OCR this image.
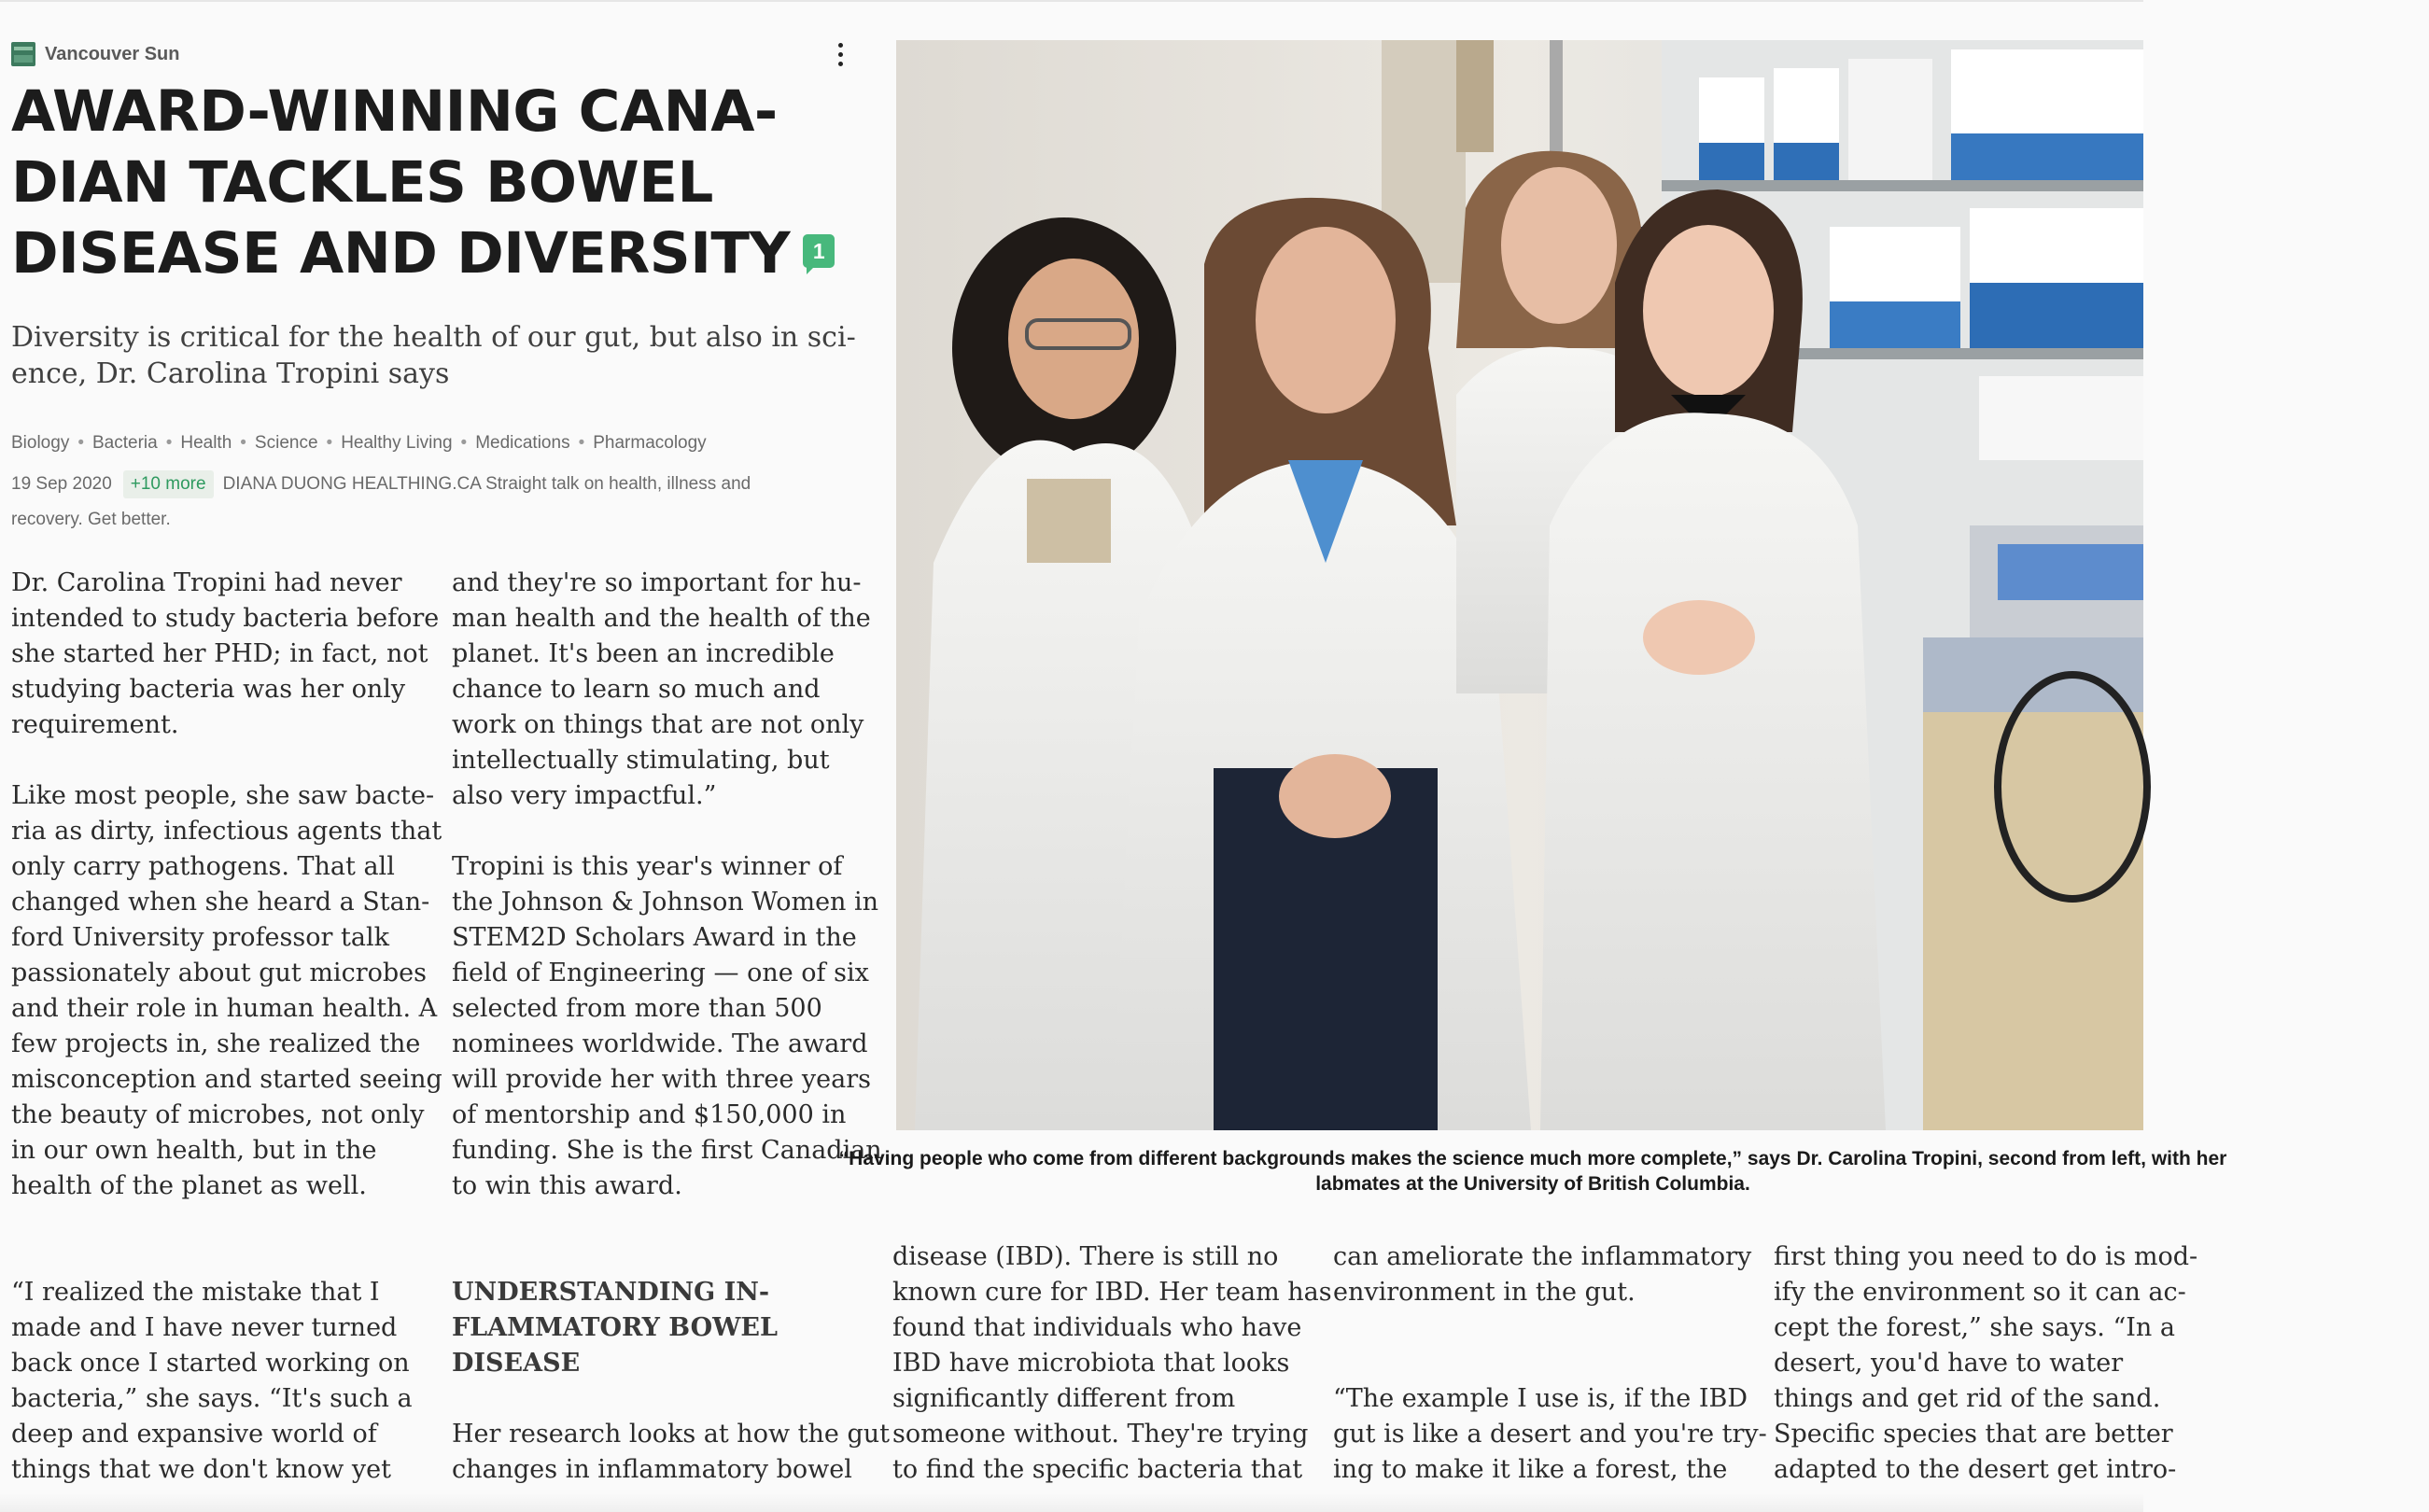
Vancouver Sun
AWARD-WINNING CANA-
DIAN TACKLES BOWEL
DISEASE AND DIVERSITY 1
Diversity is critical for the health of our gut, but also in sci-
ence, Dr. Carolina Tropini says
Biology • Bacteria • Health • Science • Healthy Living • Medications • Pharmacology
19 Sep 2020 +10 more DIANA DUONG HEALTHING.CA Straight talk on health, illness and
recovery. Get better.
Dr. Carolina Tropini had never
intended to study bacteria before
she started her PHD; in fact, not
studying bacteria was her only
requirement.
Like most people, she saw bacte-
ria as dirty, infectious agents that
only carry pathogens. That all
changed when she heard a Stan-
ford University professor talk
passionately about gut microbes
and their role in human health. A
few projects in, she realized the
misconception and started seeing
the beauty of microbes, not only
in our own health, but in the
health of the planet as well.
and they're so important for hu-
man health and the health of the
planet. It's been an incredible
chance to learn so much and
work on things that are not only
intellectually stimulating, but
also very impactful.”
Tropini is this year's winner of
the Johnson & Johnson Women in
STEM2D Scholars Award in the
field of Engineering — one of six
selected from more than 500
nominees worldwide. The award
will provide her with three years
of mentorship and $150,000 in
funding. She is the first Canadian
to win this award.
“Having people who come from different backgrounds makes the science much more complete,” says Dr. Carolina Tropini, second from left, with her
labmates at the University of British Columbia.
“I realized the mistake that I
made and I have never turned
back once I started working on
bacteria,” she says. “It's such a
deep and expansive world of
things that we don't know yet
UNDERSTANDING IN-
FLAMMATORY BOWEL
DISEASE
Her research looks at how the gut
changes in inflammatory bowel
disease (IBD). There is still no
known cure for IBD. Her team has
found that individuals who have
IBD have microbiota that looks
significantly different from
someone without. They're trying
to find the specific bacteria that
can ameliorate the inflammatory
environment in the gut.
“The example I use is, if the IBD
gut is like a desert and you're try-
ing to make it like a forest, the
first thing you need to do is mod-
ify the environment so it can ac-
cept the forest,” she says. “In a
desert, you'd have to water
things and get rid of the sand.
Specific species that are better
adapted to the desert get intro-
